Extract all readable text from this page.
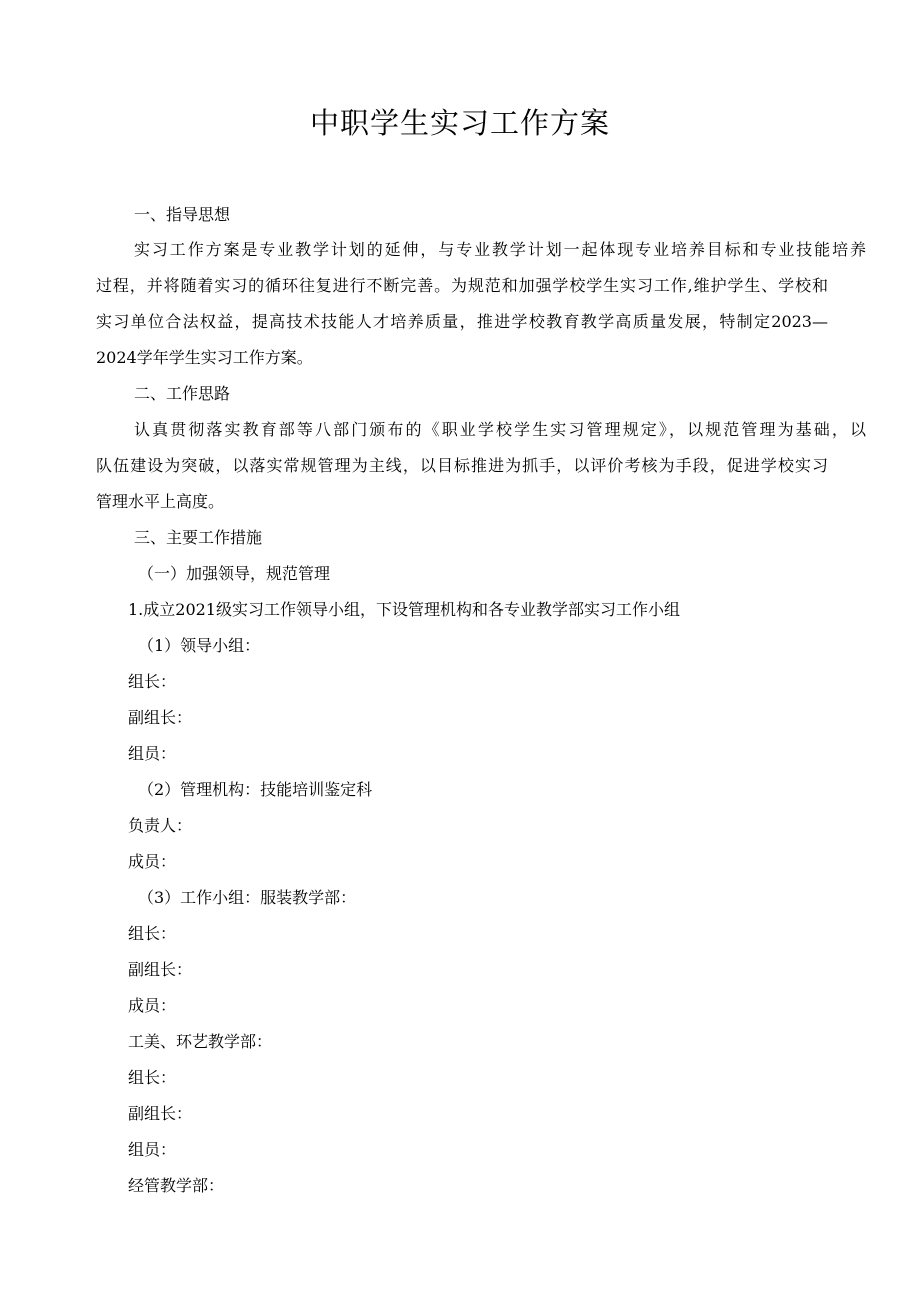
中职学生实习工作方案
一、指导思想
实习工作方案是专业教学计划的延伸，与专业教学计划一起体现专业培养目标和专业技能培养
过程，并将随着实习的循环往复进行不断完善。为规范和加强学校学生实习工作,维护学生、学校和
实习单位合法权益，提高技术技能人才培养质量，推进学校教育教学高质量发展，特制定2023—
2024学年学生实习工作方案。
二、工作思路
认真贯彻落实教育部等八部门颁布的《职业学校学生实习管理规定》，以规范管理为基础，以
队伍建设为突破，以落实常规管理为主线，以目标推进为抓手，以评价考核为手段，促进学校实习
管理水平上高度。
三、主要工作措施
（一）加强领导，规范管理
1.成立2021级实习工作领导小组，下设管理机构和各专业教学部实习工作小组
（1）领导小组：
组长：
副组长：
组员：
（2）管理机构：技能培训鉴定科
负责人：
成员：
（3）工作小组：服装教学部：
组长：
副组长：
成员：
工美、环艺教学部：
组长：
副组长：
组员：
经管教学部：
